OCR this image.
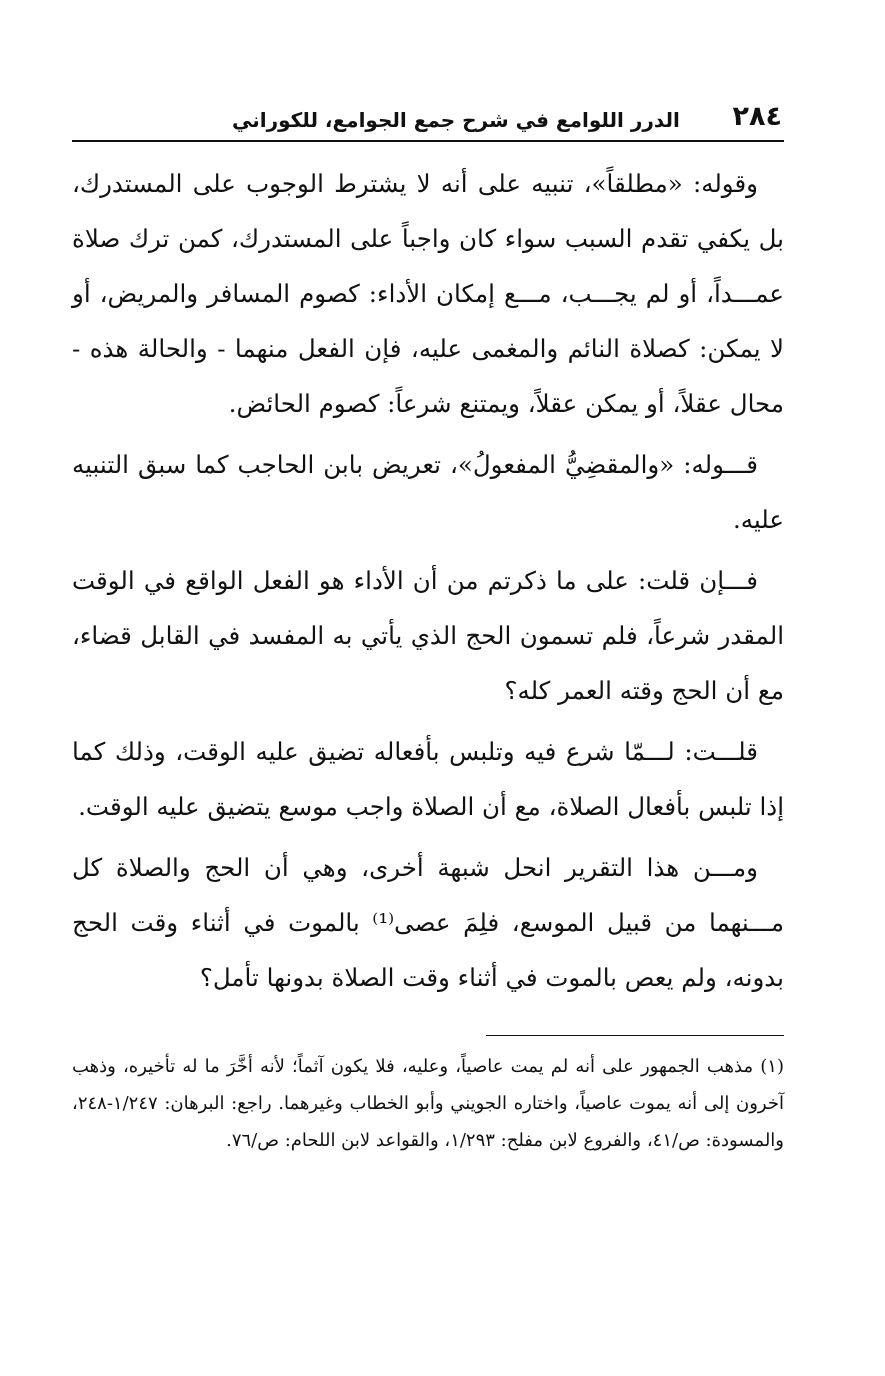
٢٨٤
الدرر اللوامع في شرح جمع الجوامع، للكوراني

وقوله: «مطلقاً»، تنبيه على أنه لا يشترط الوجوب على المستدرك، بل يكفي تقدم السبب سواء كان واجباً على المستدرك، كمن ترك صلاة عمـــداً، أو لم يجـــب، مـــع إمكان الأداء: كصوم المسافر والمريض، أو لا يمكن: كصلاة النائم والمغمى عليه، فإن الفعل منهما - والحالة هذه - محال عقلاً، أو يمكن عقلاً، ويمتنع شرعاً: كصوم الحائض.

قـــوله: «والمقضِيُّ المفعولُ»، تعريض بابن الحاجب كما سبق التنبيه عليه.

فـــإن قلت: على ما ذكرتم من أن الأداء هو الفعل الواقع في الوقت المقدر شرعاً، فلم تسمون الحج الذي يأتي به المفسد في القابل قضاء، مع أن الحج وقته العمر كله؟

قلـــت: لـــمّا شرع فيه وتلبس بأفعاله تضيق عليه الوقت، وذلك كما إذا تلبس بأفعال الصلاة، مع أن الصلاة واجب موسع يتضيق عليه الوقت.

ومـــن هذا التقرير انحل شبهة أخرى، وهي أن الحج والصلاة كل مـــنهما من قبيل الموسع، فلِمَ عصى⁽¹⁾ بالموت في أثناء وقت الحج بدونه، ولم يعص بالموت في أثناء وقت الصلاة بدونها تأمل؟

(١) مذهب الجمهور على أنه لم يمت عاصياً، وعليه، فلا يكون آثماً؛ لأنه أخَّرَ ما له تأخيره، وذهب آخرون إلى أنه يموت عاصياً، واختاره الجويني وأبو الخطاب وغيرهما. راجع: البرهان: ١/٢٤٧-٢٤٨، والمسودة: ص/٤١، والفروع لابن مفلح: ١/٢٩٣، والقواعد لابن اللحام: ص/٧٦.
